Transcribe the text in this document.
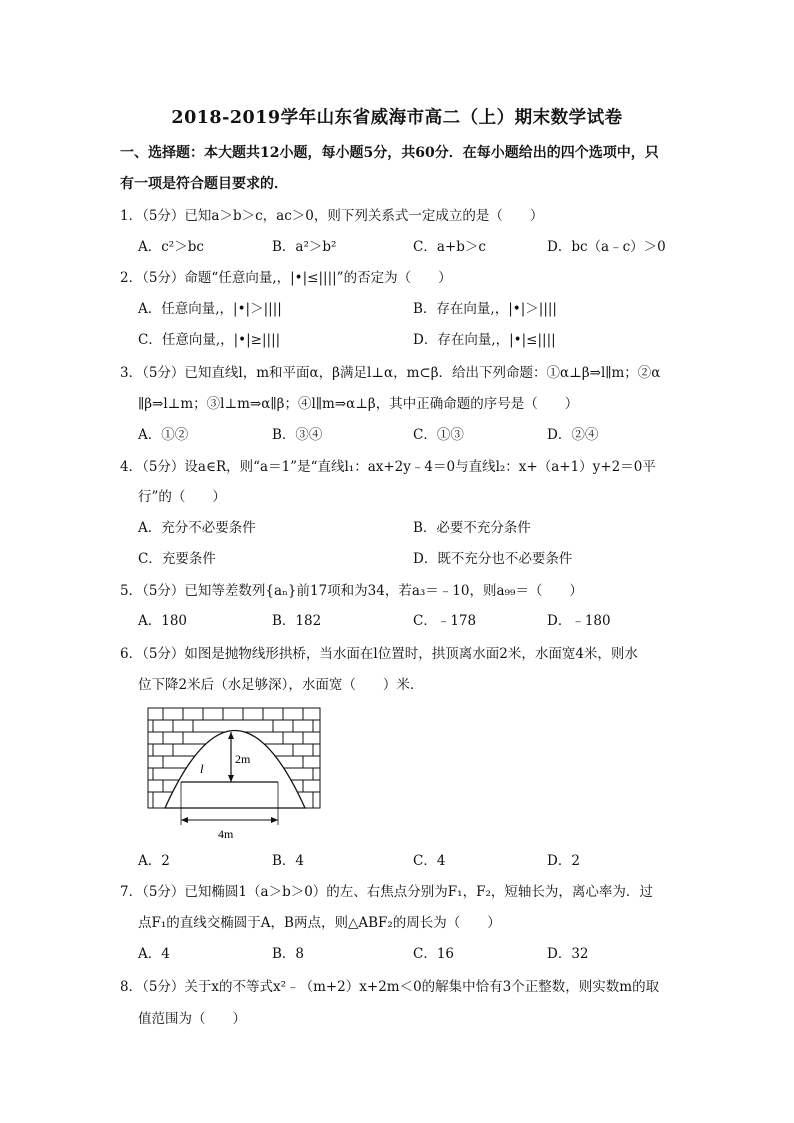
2018-2019学年山东省威海市高二（上）期末数学试卷
一、选择题：本大题共12小题，每小题5分，共60分．在每小题给出的四个选项中，只
有一项是符合题目要求的．
1．（5分）已知a＞b＞c，ac＞0，则下列关系式一定成立的是（　　）
A．c²＞bc	B．a²＞b²	C．a+b＞c	D．bc（a﹣c）＞0
2．（5分）命题“任意向量,，|•|≤||||”的否定为（　　）
A．任意向量,，|•|＞||||	B．存在向量,，|•|＞||||
C．任意向量,，|•|≥||||	D．存在向量,，|•|≤||||
3．（5分）已知直线l，m和平面α，β满足l⊥α，m⊂β．给出下列命题：①α⊥β⇒l∥m；②α
∥β⇒l⊥m；③l⊥m⇒α∥β；④l∥m⇒α⊥β，其中正确命题的序号是（　　）
A．①②	B．③④	C．①③	D．②④
4．（5分）设a∈R，则“a＝1”是“直线l₁：ax+2y﹣4＝0与直线l₂：x+（a+1）y+2＝0平
行”的（　　）
A．充分不必要条件	B．必要不充分条件
C．充要条件	D．既不充分也不必要条件
5．（5分）已知等差数列{aₙ}前17项和为34，若a₃＝﹣10，则a₉₉＝（　　）
A．180	B．182	C．﹣178	D．﹣180
6．（5分）如图是抛物线形拱桥，当水面在l位置时，拱顶离水面2米，水面宽4米，则水
位下降2米后（水足够深），水面宽（　　）米．
l
2m
4m
A．2	B．4	C．4	D．2
7．（5分）已知椭圆1（a＞b＞0）的左、右焦点分别为F₁，F₂，短轴长为，离心率为．过
点F₁的直线交椭圆于A，B两点，则△ABF₂的周长为（　　）
A．4	B．8	C．16	D．32
8．（5分）关于x的不等式x²﹣（m+2）x+2m＜0的解集中恰有3个正整数，则实数m的取
值范围为（　　）
